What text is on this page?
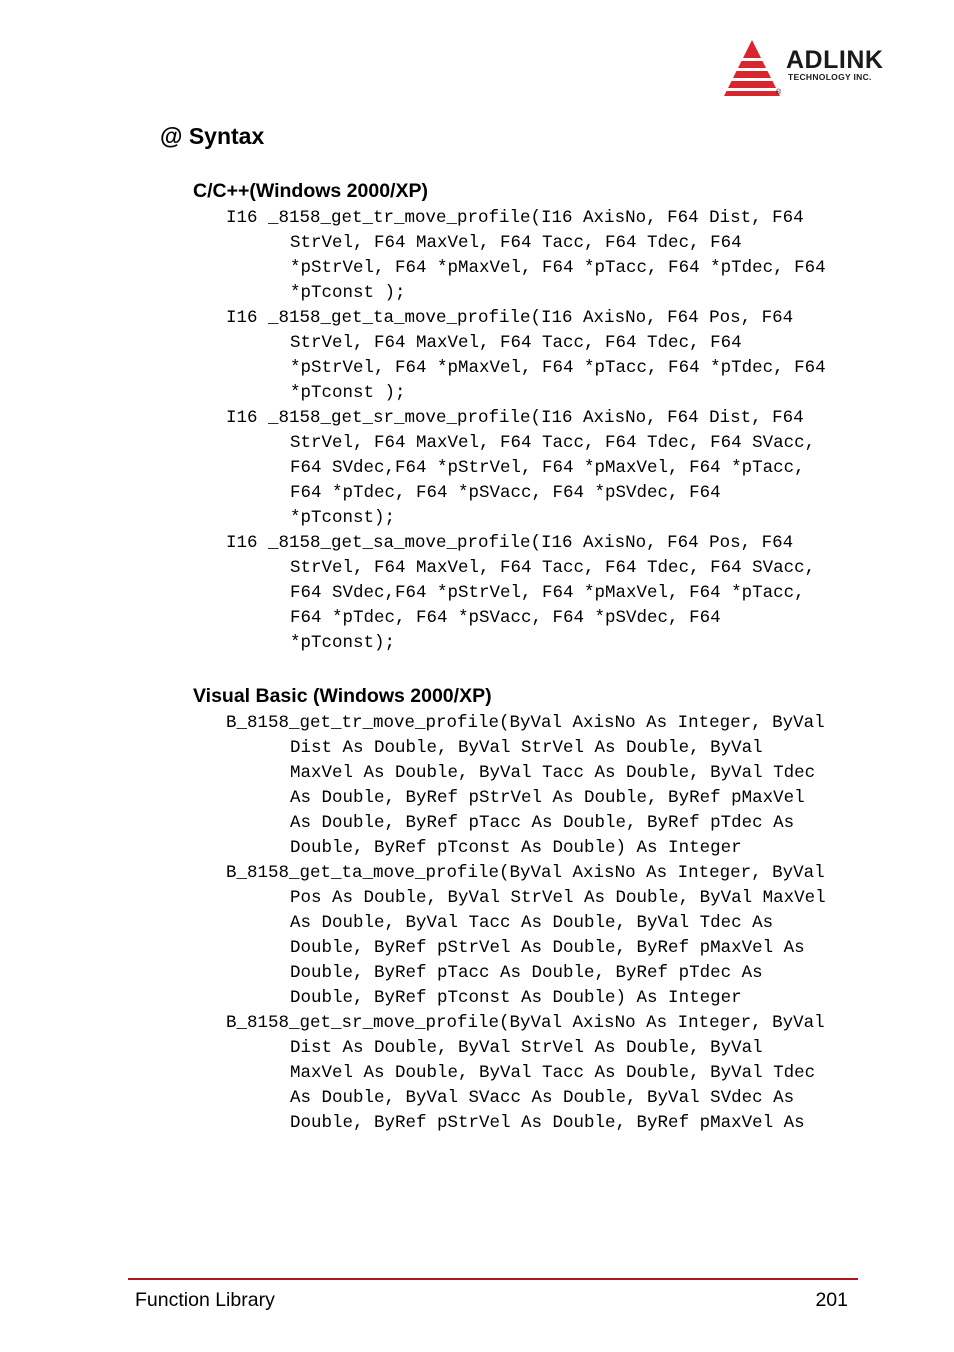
ADLINK
TECHNOLOGY INC.
®
@ Syntax
C/C++(Windows 2000/XP)
I16 _8158_get_tr_move_profile(I16 AxisNo, F64 Dist, F64 StrVel, F64 MaxVel, F64 Tacc, F64 Tdec, F64 *pStrVel, F64 *pMaxVel, F64 *pTacc, F64 *pTdec, F64 *pTconst );
I16 _8158_get_ta_move_profile(I16 AxisNo, F64 Pos, F64 StrVel, F64 MaxVel, F64 Tacc, F64 Tdec, F64 *pStrVel, F64 *pMaxVel, F64 *pTacc, F64 *pTdec, F64 *pTconst );
I16 _8158_get_sr_move_profile(I16 AxisNo, F64 Dist, F64 StrVel, F64 MaxVel, F64 Tacc, F64 Tdec, F64 SVacc, F64 SVdec,F64 *pStrVel, F64 *pMaxVel, F64 *pTacc, F64 *pTdec, F64 *pSVacc, F64 *pSVdec, F64 *pTconst);
I16 _8158_get_sa_move_profile(I16 AxisNo, F64 Pos, F64 StrVel, F64 MaxVel, F64 Tacc, F64 Tdec, F64 SVacc, F64 SVdec,F64 *pStrVel, F64 *pMaxVel, F64 *pTacc, F64 *pTdec, F64 *pSVacc, F64 *pSVdec, F64 *pTconst);
Visual Basic (Windows 2000/XP)
B_8158_get_tr_move_profile(ByVal AxisNo As Integer, ByVal Dist As Double, ByVal StrVel As Double, ByVal MaxVel As Double, ByVal Tacc As Double, ByVal Tdec As Double, ByRef pStrVel As Double, ByRef pMaxVel As Double, ByRef pTacc As Double, ByRef pTdec As Double, ByRef pTconst As Double) As Integer
B_8158_get_ta_move_profile(ByVal AxisNo As Integer, ByVal Pos As Double, ByVal StrVel As Double, ByVal MaxVel As Double, ByVal Tacc As Double, ByVal Tdec As Double, ByRef pStrVel As Double, ByRef pMaxVel As Double, ByRef pTacc As Double, ByRef pTdec As Double, ByRef pTconst As Double) As Integer
B_8158_get_sr_move_profile(ByVal AxisNo As Integer, ByVal Dist As Double, ByVal StrVel As Double, ByVal MaxVel As Double, ByVal Tacc As Double, ByVal Tdec As Double, ByVal SVacc As Double, ByVal SVdec As Double, ByRef pStrVel As Double, ByRef pMaxVel As
Function Library	201
